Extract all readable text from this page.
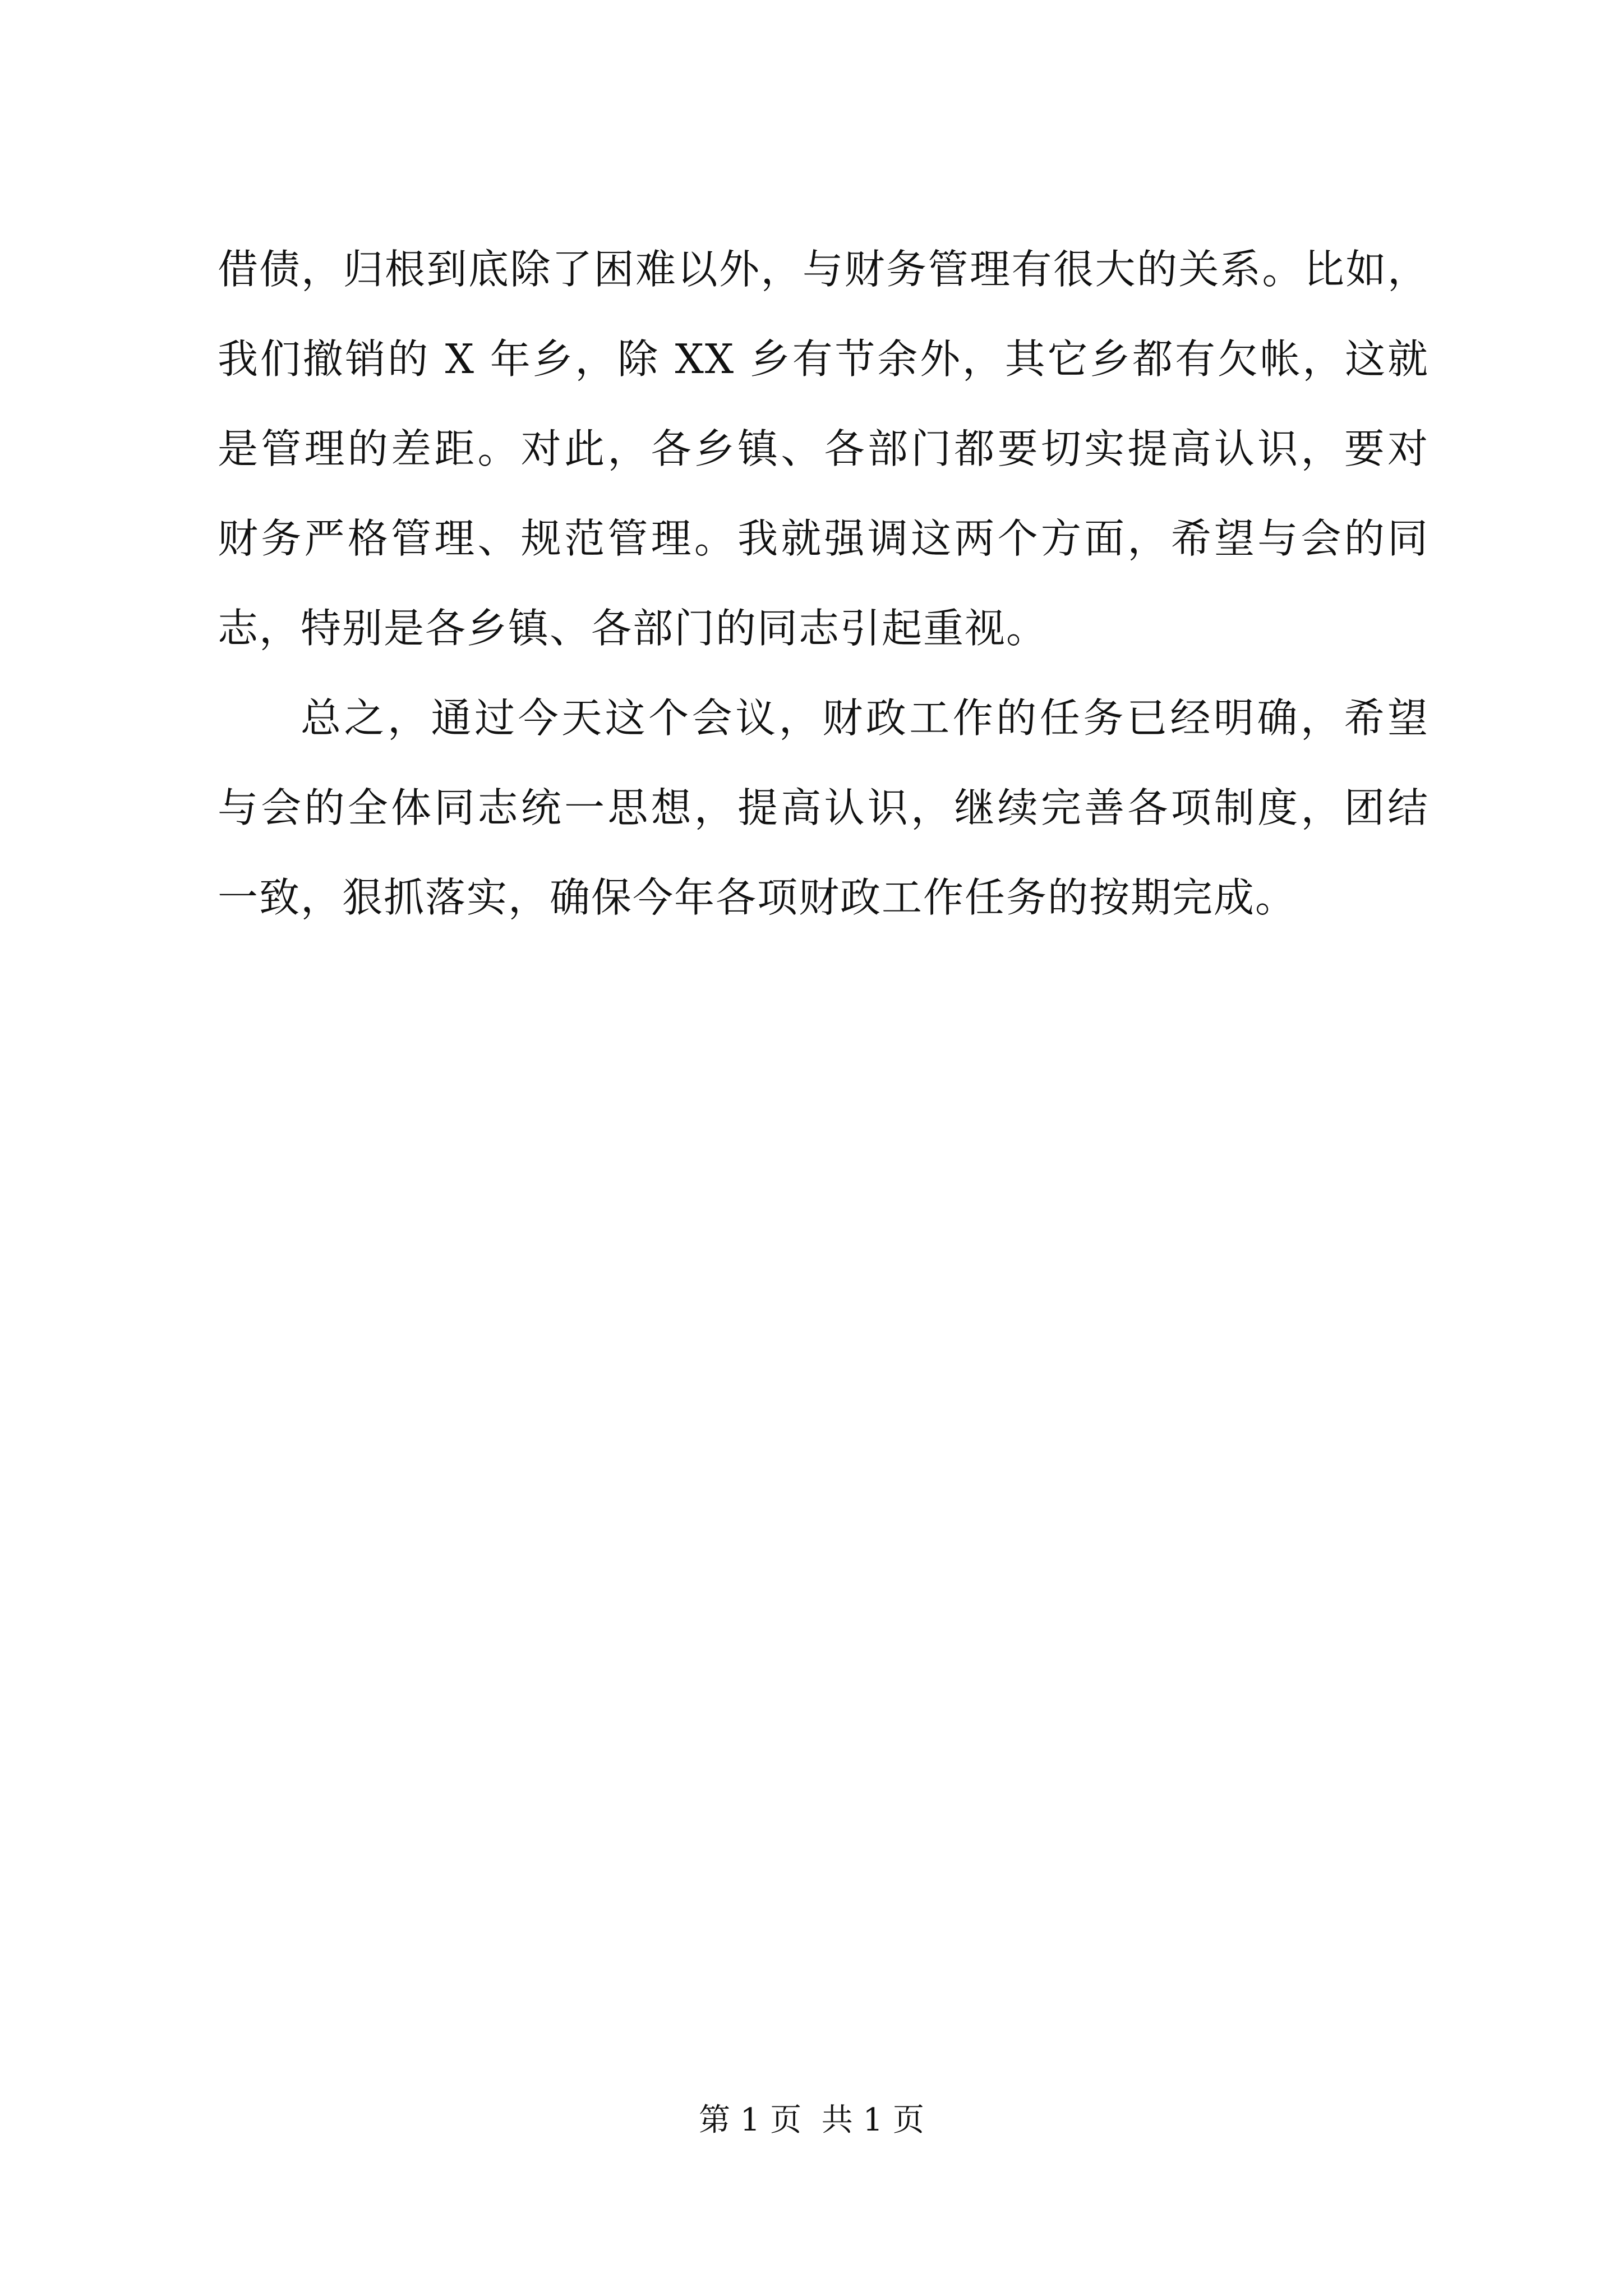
借债，归根到底除了困难以外，与财务管理有很大的关系。比如，
我们撤销的 X 年乡，除 XX 乡有节余外，其它乡都有欠帐，这就
是管理的差距。对此，各乡镇、各部门都要切实提高认识，要对
财务严格管理、规范管理。我就强调这两个方面，希望与会的同
志，特别是各乡镇、各部门的同志引起重视。
总之，通过今天这个会议，财政工作的任务已经明确，希望
与会的全体同志统一思想，提高认识，继续完善各项制度，团结
一致，狠抓落实，确保今年各项财政工作任务的按期完成。
第 1 页  共 1 页
